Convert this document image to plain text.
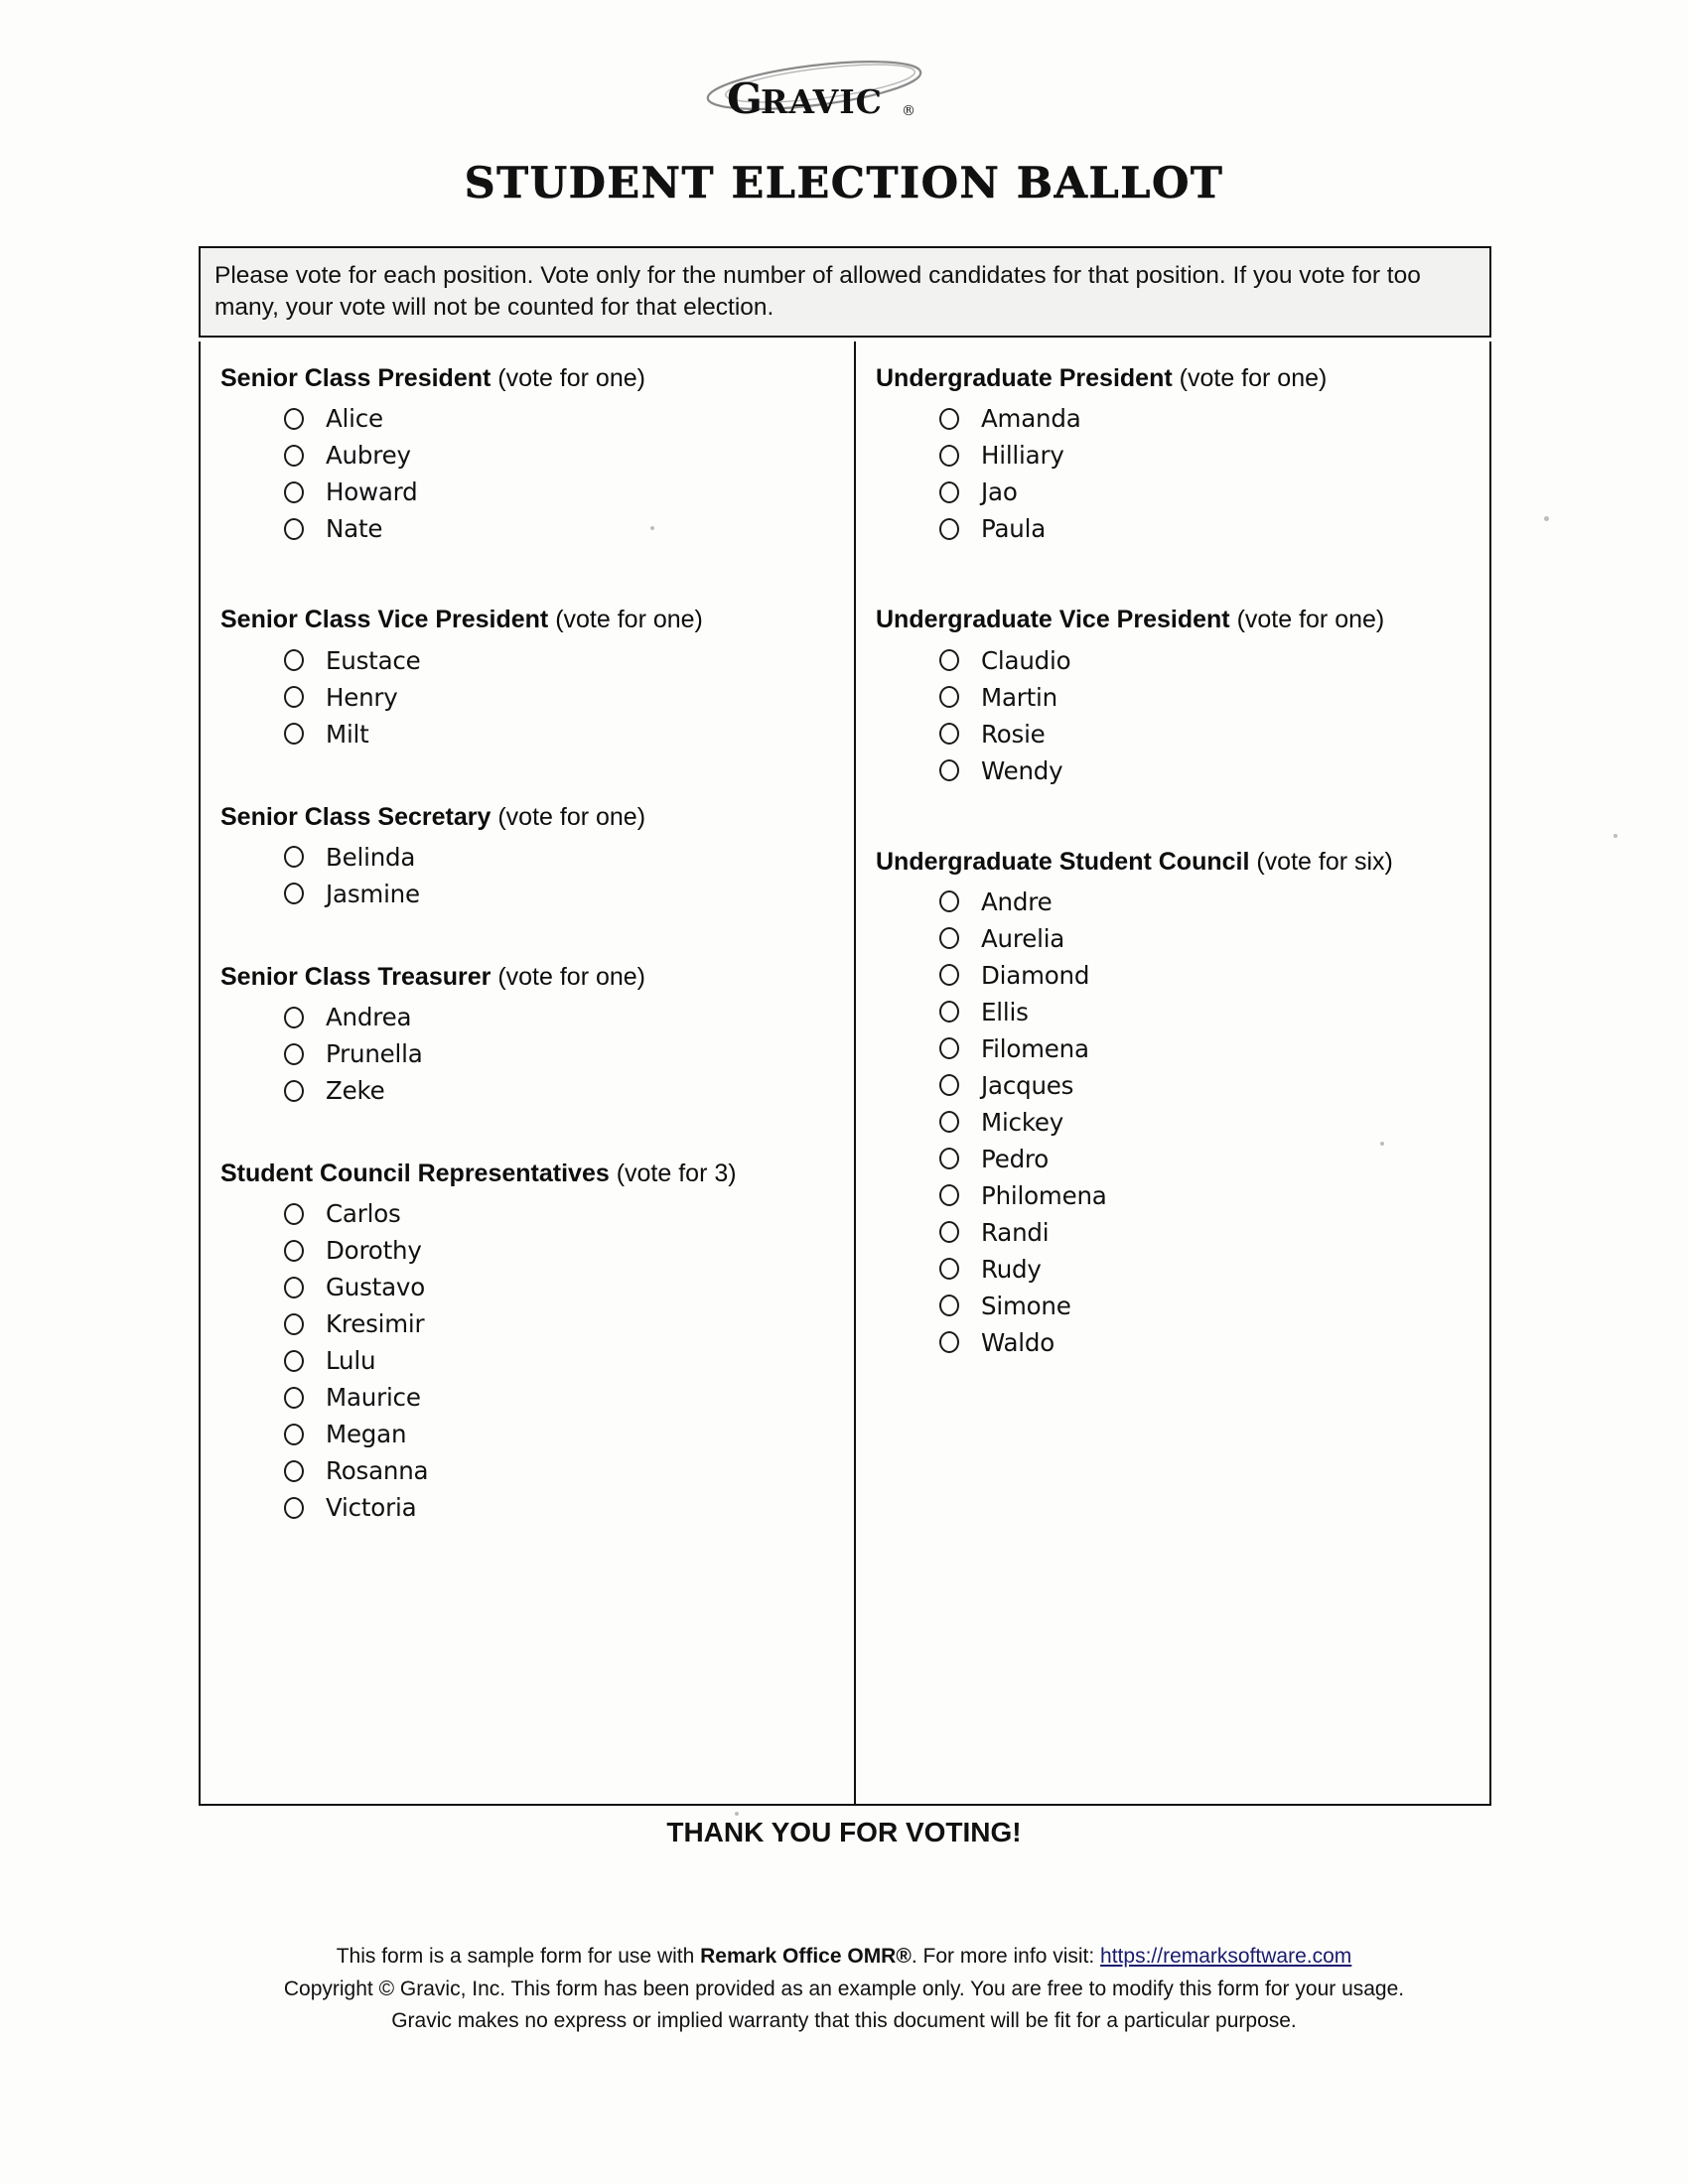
G
RAVIC ®
STUDENT ELECTION BALLOT
Please vote for each position. Vote only for the number of allowed candidates for that position. If you vote for too many, your vote will not be counted for that election.
Senior Class President (vote for one)
Alice
Aubrey
Howard
Nate
Senior Class Vice President (vote for one)
Eustace
Henry
Milt
Senior Class Secretary (vote for one)
Belinda
Jasmine
Senior Class Treasurer (vote for one)
Andrea
Prunella
Zeke
Student Council Representatives (vote for 3)
Carlos
Dorothy
Gustavo
Kresimir
Lulu
Maurice
Megan
Rosanna
Victoria
Undergraduate President (vote for one)
Amanda
Hilliary
Jao
Paula
Undergraduate Vice President (vote for one)
Claudio
Martin
Rosie
Wendy
Undergraduate Student Council (vote for six)
Andre
Aurelia
Diamond
Ellis
Filomena
Jacques
Mickey
Pedro
Philomena
Randi
Rudy
Simone
Waldo
THANK YOU FOR VOTING!
This form is a sample form for use with Remark Office OMR®. For more info visit: https://remarksoftware.com
Copyright © Gravic, Inc. This form has been provided as an example only. You are free to modify this form for your usage.
Gravic makes no express or implied warranty that this document will be fit for a particular purpose.
